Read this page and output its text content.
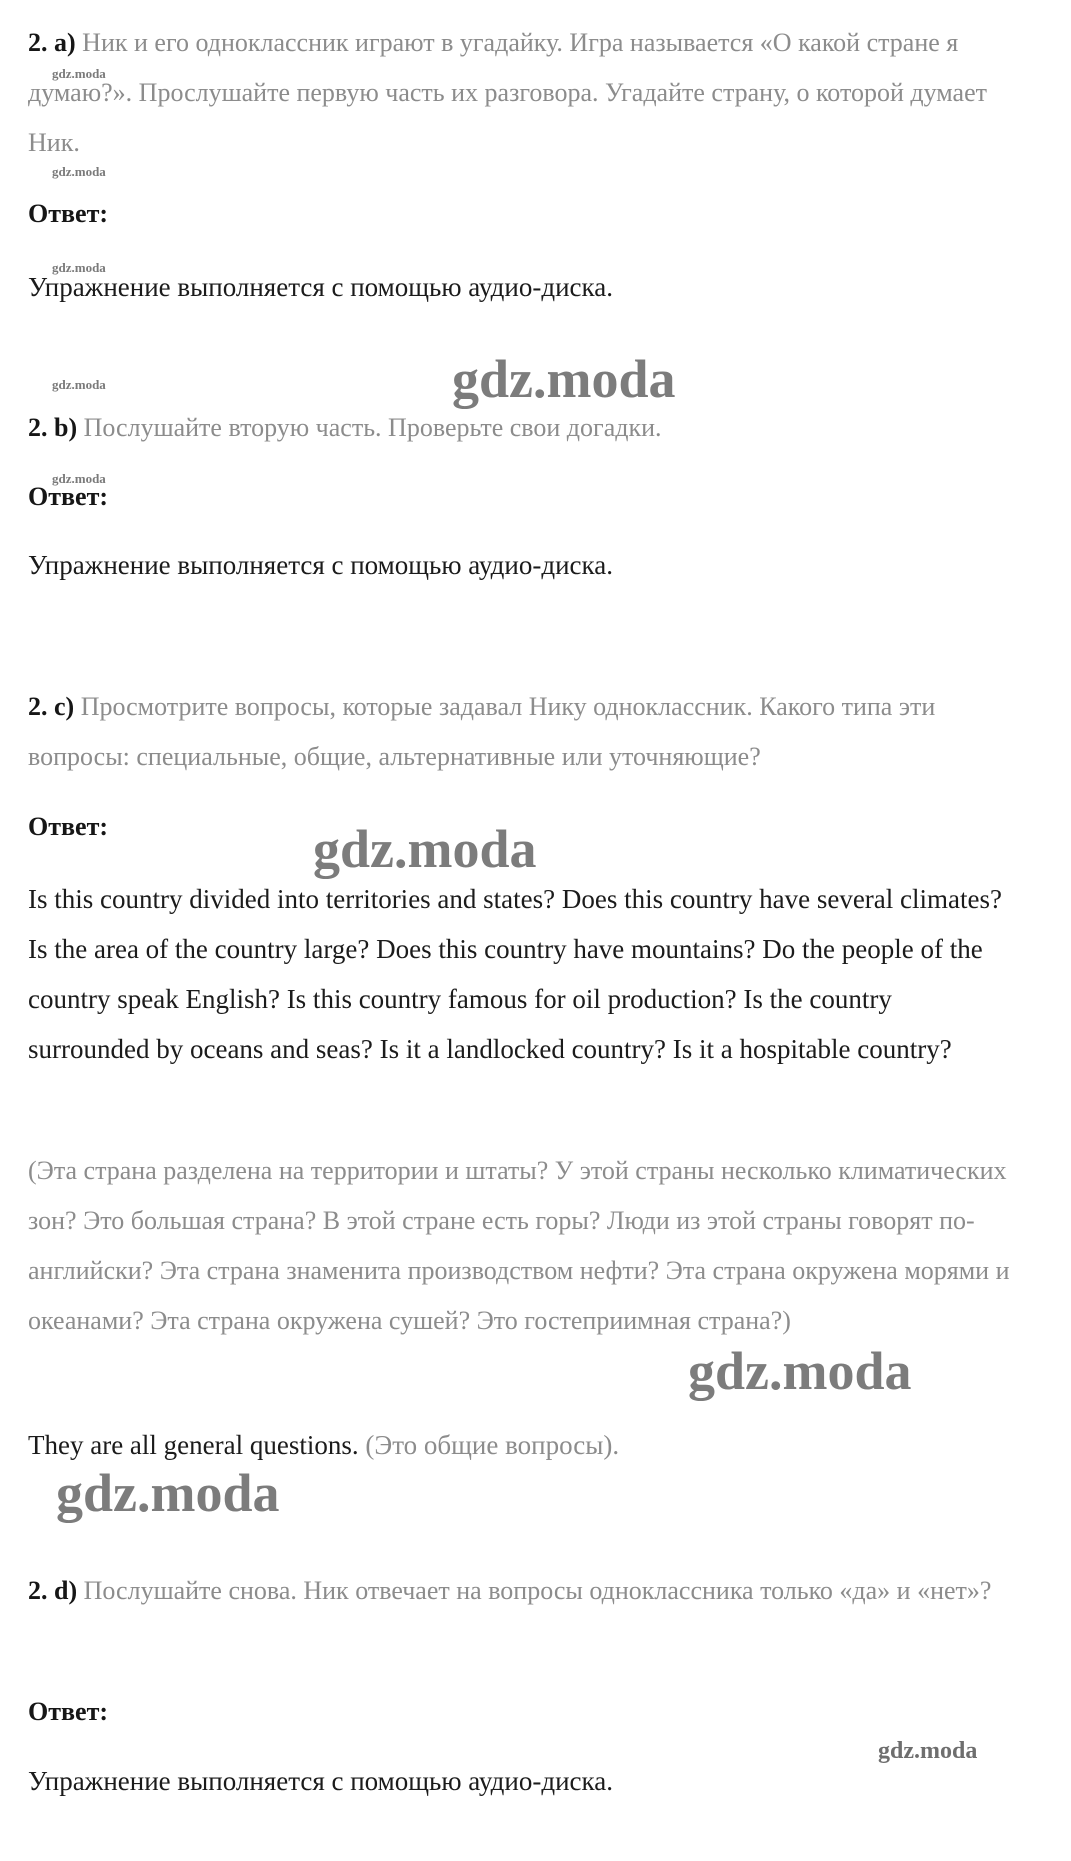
2. a) Ник и его одноклассник играют в угадайку. Игра называется «О какой стране я думаю?». Прослушайте первую часть их разговора. Угадайте страну, о которой думает Ник.
Ответ:
Упражнение выполняется с помощью аудио-диска.
2. b) Послушайте вторую часть. Проверьте свои догадки.
Ответ:
Упражнение выполняется с помощью аудио-диска.
2. c) Просмотрите вопросы, которые задавал Нику одноклассник. Какого типа эти вопросы: специальные, общие, альтернативные или уточняющие?
Ответ:
Is this country divided into territories and states? Does this country have several climates? Is the area of the country large? Does this country have mountains? Do the people of the country speak English? Is this country famous for oil production? Is the country surrounded by oceans and seas? Is it a landlocked country? Is it a hospitable country?
(Эта страна разделена на территории и штаты? У этой страны несколько климатических зон? Это большая страна? В этой стране есть горы? Люди из этой страны говорят по-английски? Эта страна знаменита производством нефти? Эта страна окружена морями и океанами? Эта страна окружена сушей? Это гостеприимная страна?)
They are all general questions. (Это общие вопросы).
2. d) Послушайте снова. Ник отвечает на вопросы одноклассника только «да» и «нет»?
Ответ:
Упражнение выполняется с помощью аудио-диска.
gdz.moda
gdz.moda
gdz.moda
gdz.moda
gdz.moda
gdz.moda
gdz.moda
gdz.moda
gdz.moda
gdz.moda
